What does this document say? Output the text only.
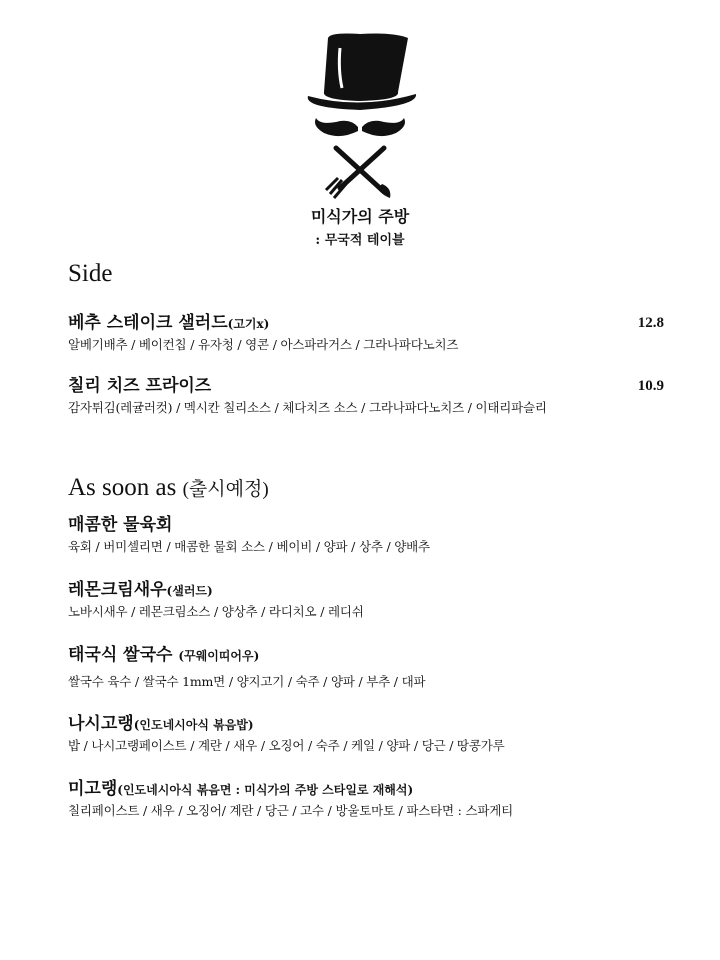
미식가의 주방
: 무국적 테이블
Side
베추 스테이크 샐러드(고기x)	12.8
알베기배추 / 베이컨칩 / 유자청 / 영콘 / 아스파라거스 / 그라나파다노치즈
칠리 치즈 프라이즈	10.9
감자튀김(레귤러컷) / 멕시칸 칠리소스 / 체다치즈 소스 / 그라나파다노치즈 / 이태리파슬리
As soon as (출시예정)
매콤한 물육회
육회 / 버미셀리면 / 매콤한 물회 소스 / 베이비 / 양파 / 상추 / 양배추
레몬크림새우(샐러드)
노바시새우 / 레몬크림소스 / 양상추 / 라디치오 / 레디쉬
태국식 쌀국수 (꾸웨이띠어우)
쌀국수 육수 / 쌀국수 1mm면 / 양지고기 / 숙주 / 양파 / 부추 / 대파
나시고랭(인도네시아식 볶음밥)
밥 / 나시고랭페이스트 / 계란 / 새우 / 오징어 / 숙주 / 케일 / 양파 / 당근 / 땅콩가루
미고랭(인도네시아식 볶음면 : 미식가의 주방 스타일로 재해석)
칠리페이스트 / 새우 / 오징어/ 계란 / 당근 / 고수 / 방울토마토 / 파스타면 : 스파게티
